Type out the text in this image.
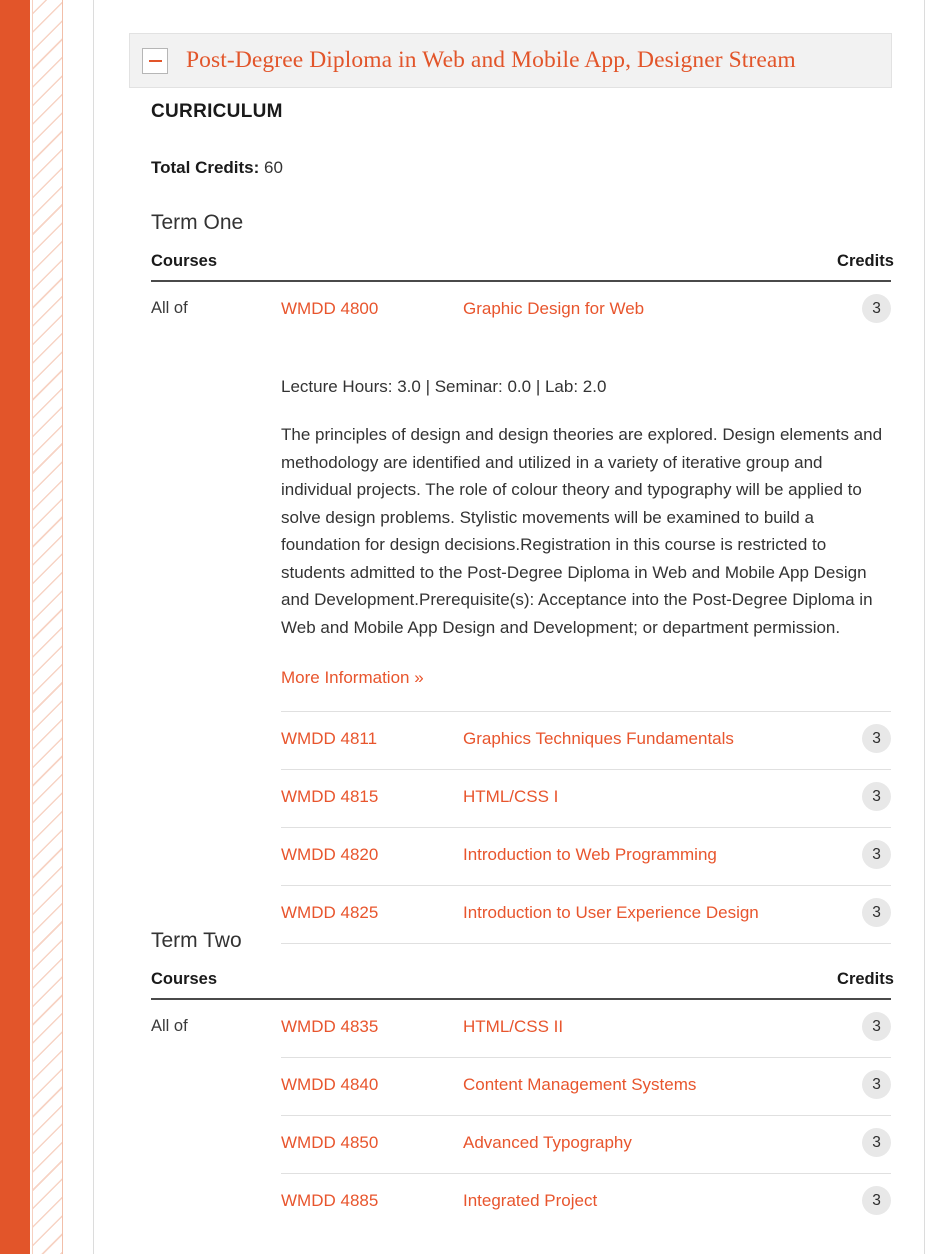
Post-Degree Diploma in Web and Mobile App, Designer Stream
CURRICULUM
Total Credits: 60
Term One
Courses			Credits
All of	WMDD 4800	Graphic Design for Web	3

	Lecture Hours: 3.0 | Seminar: 0.0 | Lab: 2.0

The principles of design and design theories are explored. Design elements and methodology are identified and utilized in a variety of iterative group and individual projects. The role of colour theory and typography will be applied to solve design problems. Stylistic movements will be examined to build a foundation for design decisions.Registration in this course is restricted to students admitted to the Post-Degree Diploma in Web and Mobile App Design and Development.Prerequisite(s): Acceptance into the Post-Degree Diploma in Web and Mobile App Design and Development; or department permission.

More Information »		

	WMDD 4811	Graphics Techniques Fundamentals	3
	WMDD 4815	HTML/CSS I	3
	WMDD 4820	Introduction to Web Programming	3
	WMDD 4825	Introduction to User Experience Design	3

Term Two
Courses			Credits
All of	WMDD 4835	HTML/CSS II	3
	WMDD 4840	Content Management Systems	3
	WMDD 4850	Advanced Typography	3
	WMDD 4885	Integrated Project	3
